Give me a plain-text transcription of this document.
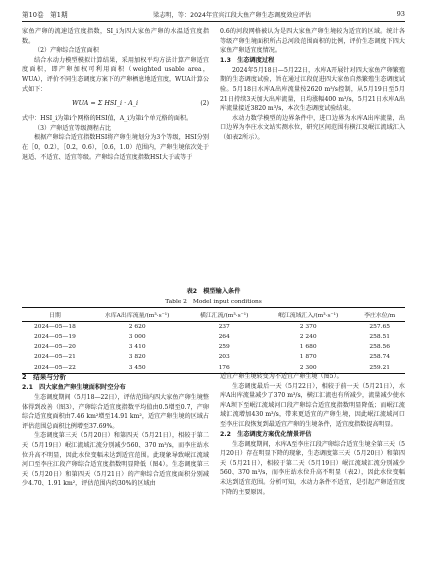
第10卷　第1期	梁志明，等：2024年宜宾江段大鱼产卵生态调度效应评估	93

家鱼产卵的流速适宜度指数，SI_i为四大家鱼产卵的水温适宜度指数。

（2）产卵综合适宜面积

结合水动力模型模拟计算结果，采用加权平均方法计算产卵适宜度面积，即产卵加权可利用面积（weighted usable area，WUA），评价不同生态调度方案下的产卵栖息地适宜度，WUA计算公式如下：

WUA = Σ HSI_i · A_i	(2)

式中：HSI_i为第i个网格的HSI值，A_i为第i个单元格的面积。

（3）产卵适宜等级测程占比

根据产卵综合适宜指数HSI将产卵生境划分为3个等级，HSI分别在［0，0.2），［0.2，0.6），［0.6，1.0）范围内，产卵生境依次处于退适、不适宜、适宜等级。产卵综合适宜度指数HSI大于或等于

0.6的河段网格被认为是四大家鱼产卵生境较为适宜的区域。统计各等级产卵生境面积所占总河段范围面积的比例，评价生态调度下四大家鱼产卵适宜度情况。

1.3　生态调度过程

2024年5月18日—5月22日，水库A开展针对四大家鱼产卵繁殖期的生态调度试验，旨在通过江段促进四大家鱼自然繁殖生态调度试验。5月18日水库A出库流量按2620 m³/s控制，从5月19日至5月21日持续3天加大出库流量，日均涨幅400 m³/s，5月21日水库A出库流量接近3820 m³/s，本次生态调度试验结束。

水动力数学模型的边界条件中，进口边界为水库A出库流量，出口边界为李庄水文站实测水位，研究区间范围有横江及岷江流域汇入（如表2所示）。

表2　模型输入条件
Table 2　Model input conditions
日期	水库A出库流量/(m³·s⁻¹)	横江汇流/(m³·s⁻¹)	岷江流域汇入/(m³·s⁻¹)	李庄水位/m
2024—05—18	2 620	237	2 370	257.65
2024—05—19	3 000	264	2 240	258.51
2024—05—20	3 410	259	1 680	258.56
2024—05—21	3 820	203	1 870	258.74
2024—05—22	3 450	176	2 300	259.21

2　结果与分析

2.1　四大家鱼产卵生境面积时空分布

生态调度期间（5月18—22日），评估范围内四大家鱼产卵生境整体得到改善（图3），产卵综合适宜度指数平均值由0.5增至0.7，产卵综合适宜度面积由7.46 km²增至14.91 km²，适宜产卵生境的区域占评估范围总面积比例增至37.69%。

生态调度第三天（5月20日）和第四天（5月21日），相较于第二天（5月19日）岷江流域汇流分别减少560、370 m³/s，而李庄站水位升高不明显，因此水位变幅未达到适宜范围。此现象导致岷江流域河口至李庄江段产卵综合适宜度指数明显降低（图4）。生态调度第三天（5月20日）和第四天（5月21日）的产卵综合适宜度面积分别减少4.70、1.91 km²，评估范围内约30%的区域由

适宜产卵生境转变为不适宜产卵生境（图5）。

生态调度最后一天（5月22日），相较于前一天（5月21日），水库A出库流量减少了370 m³/s，横江汇流也有所减少，流量减少使水库A坝下至岷江流域河口段产卵综合适宜度指数明显降低；而岷江流域汇流增加430 m³/s，带来更适宜的产卵生境，因此岷江流域河口至李庄江段恢复到最适宜产卵的生境条件，适宜度指数提高明显。

2.2　生态调度方案优化情景评估

生态调度期间，水库A至李庄江段产卵综合适宜生境全第三天（5月20日）存在明显下降的现象，生态调度第三天（5月20日）和第四天（5月21日），相较于第二天（5月19日）岷江流域汇流分别减少560、370 m³/s，而李庄站水位升高不明显（表2），因此水位变幅未达到适宜范围。分析可知，水动力条件不适宜，是引起产卵适宜度下降的主要原因。
